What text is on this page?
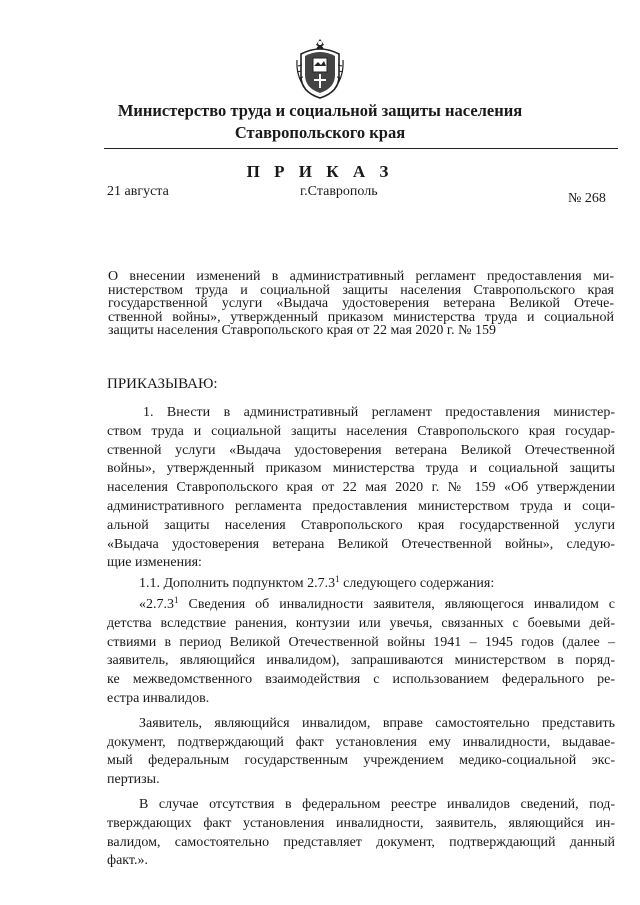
Министерство труда и социальной защиты населения
Ставропольского края
П Р И К А З
21 августа	г.Ставрополь	№ 268
О внесении изменений в административный регламент предоставления ми-
нистерством труда и социальной защиты населения Ставропольского края
государственной услуги «Выдача удостоверения ветерана Великой Отече-
ственной войны», утвержденный приказом министерства труда и социальной
защиты населения Ставропольского края от 22 мая 2020 г. № 159
ПРИКАЗЫВАЮ:
1. Внести в административный регламент предоставления министер-
ством труда и социальной защиты населения Ставропольского края государ-
ственной услуги «Выдача удостоверения ветерана Великой Отечественной
войны», утвержденный приказом министерства труда и социальной защиты
населения Ставропольского края от 22 мая 2020 г. № 159 «Об утверждении
административного регламента предоставления министерством труда и соци-
альной защиты населения Ставропольского края государственной услуги
«Выдача удостоверения ветерана Великой Отечественной войны», следую-
щие изменения:
1.1. Дополнить подпунктом 2.7.3$^1$ следующего содержания:
«2.7.3$^1$ Сведения об инвалидности заявителя, являющегося инвалидом с
детства вследствие ранения, контузии или увечья, связанных с боевыми дей-
ствиями в период Великой Отечественной войны 1941 – 1945 годов (далее –
заявитель, являющийся инвалидом), запрашиваются министерством в поряд-
ке межведомственного взаимодействия с использованием федерального ре-
естра инвалидов.
Заявитель, являющийся инвалидом, вправе самостоятельно представить
документ, подтверждающий факт установления ему инвалидности, выдавае-
мый федеральным государственным учреждением медико-социальной экс-
пертизы.
В случае отсутствия в федеральном реестре инвалидов сведений, под-
тверждающих факт установления инвалидности, заявитель, являющийся ин-
валидом, самостоятельно представляет документ, подтверждающий данный
факт.».
